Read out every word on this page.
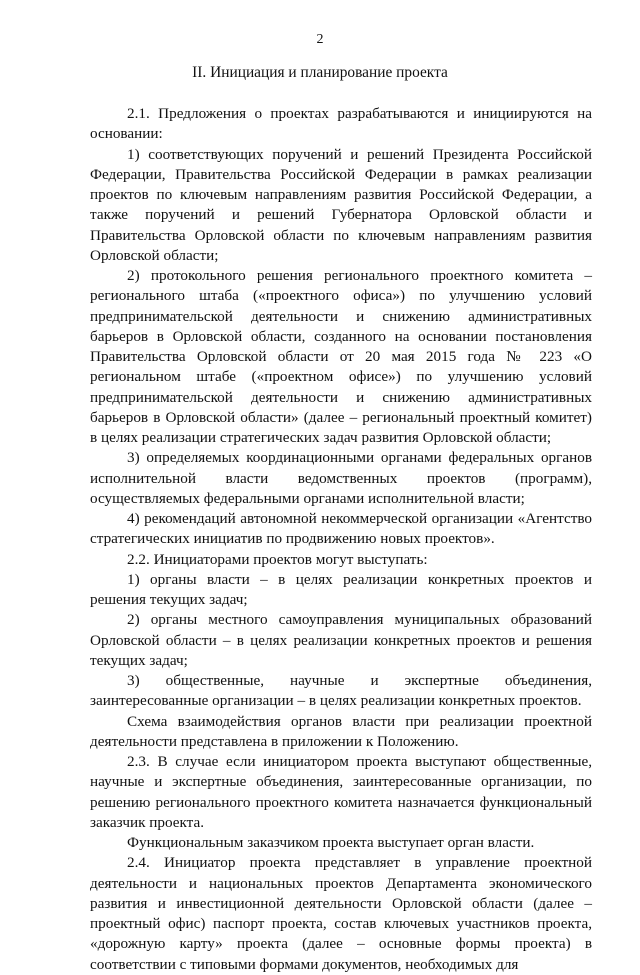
2
II. Инициация и планирование проекта

2.1. Предложения о проектах разрабатываются и инициируются на основании:

1) соответствующих поручений и решений Президента Российской Федерации, Правительства Российской Федерации в рамках реализации проектов по ключевым направлениям развития Российской Федерации, а также поручений и решений Губернатора Орловской области и Правительства Орловской области по ключевым направлениям развития Орловской области;

2) протокольного решения регионального проектного комитета – регионального штаба («проектного офиса») по улучшению условий предпринимательской деятельности и снижению административных барьеров в Орловской области, созданного на основании постановления Правительства Орловской области от 20 мая 2015 года № 223 «О региональном штабе («проектном офисе») по улучшению условий предпринимательской деятельности и снижению административных барьеров в Орловской области» (далее – региональный проектный комитет) в целях реализации стратегических задач развития Орловской области;

3) определяемых координационными органами федеральных органов исполнительной власти ведомственных проектов (программ), осуществляемых федеральными органами исполнительной власти;

4) рекомендаций автономной некоммерческой организации «Агентство стратегических инициатив по продвижению новых проектов».

2.2. Инициаторами проектов могут выступать:

1) органы власти – в целях реализации конкретных проектов и решения текущих задач;

2) органы местного самоуправления муниципальных образований Орловской области – в целях реализации конкретных проектов и решения текущих задач;

3) общественные, научные и экспертные объединения, заинтересованные организации – в целях реализации конкретных проектов.

Схема взаимодействия органов власти при реализации проектной деятельности представлена в приложении к Положению.

2.3. В случае если инициатором проекта выступают общественные, научные и экспертные объединения, заинтересованные организации, по решению регионального проектного комитета назначается функциональный заказчик проекта.

Функциональным заказчиком проекта выступает орган власти.

2.4. Инициатор проекта представляет в управление проектной деятельности и национальных проектов Департамента экономического развития и инвестиционной деятельности Орловской области (далее – проектный офис) паспорт проекта, состав ключевых участников проекта, «дорожную карту» проекта (далее – основные формы проекта) в соответствии с типовыми формами документов, необходимых для
